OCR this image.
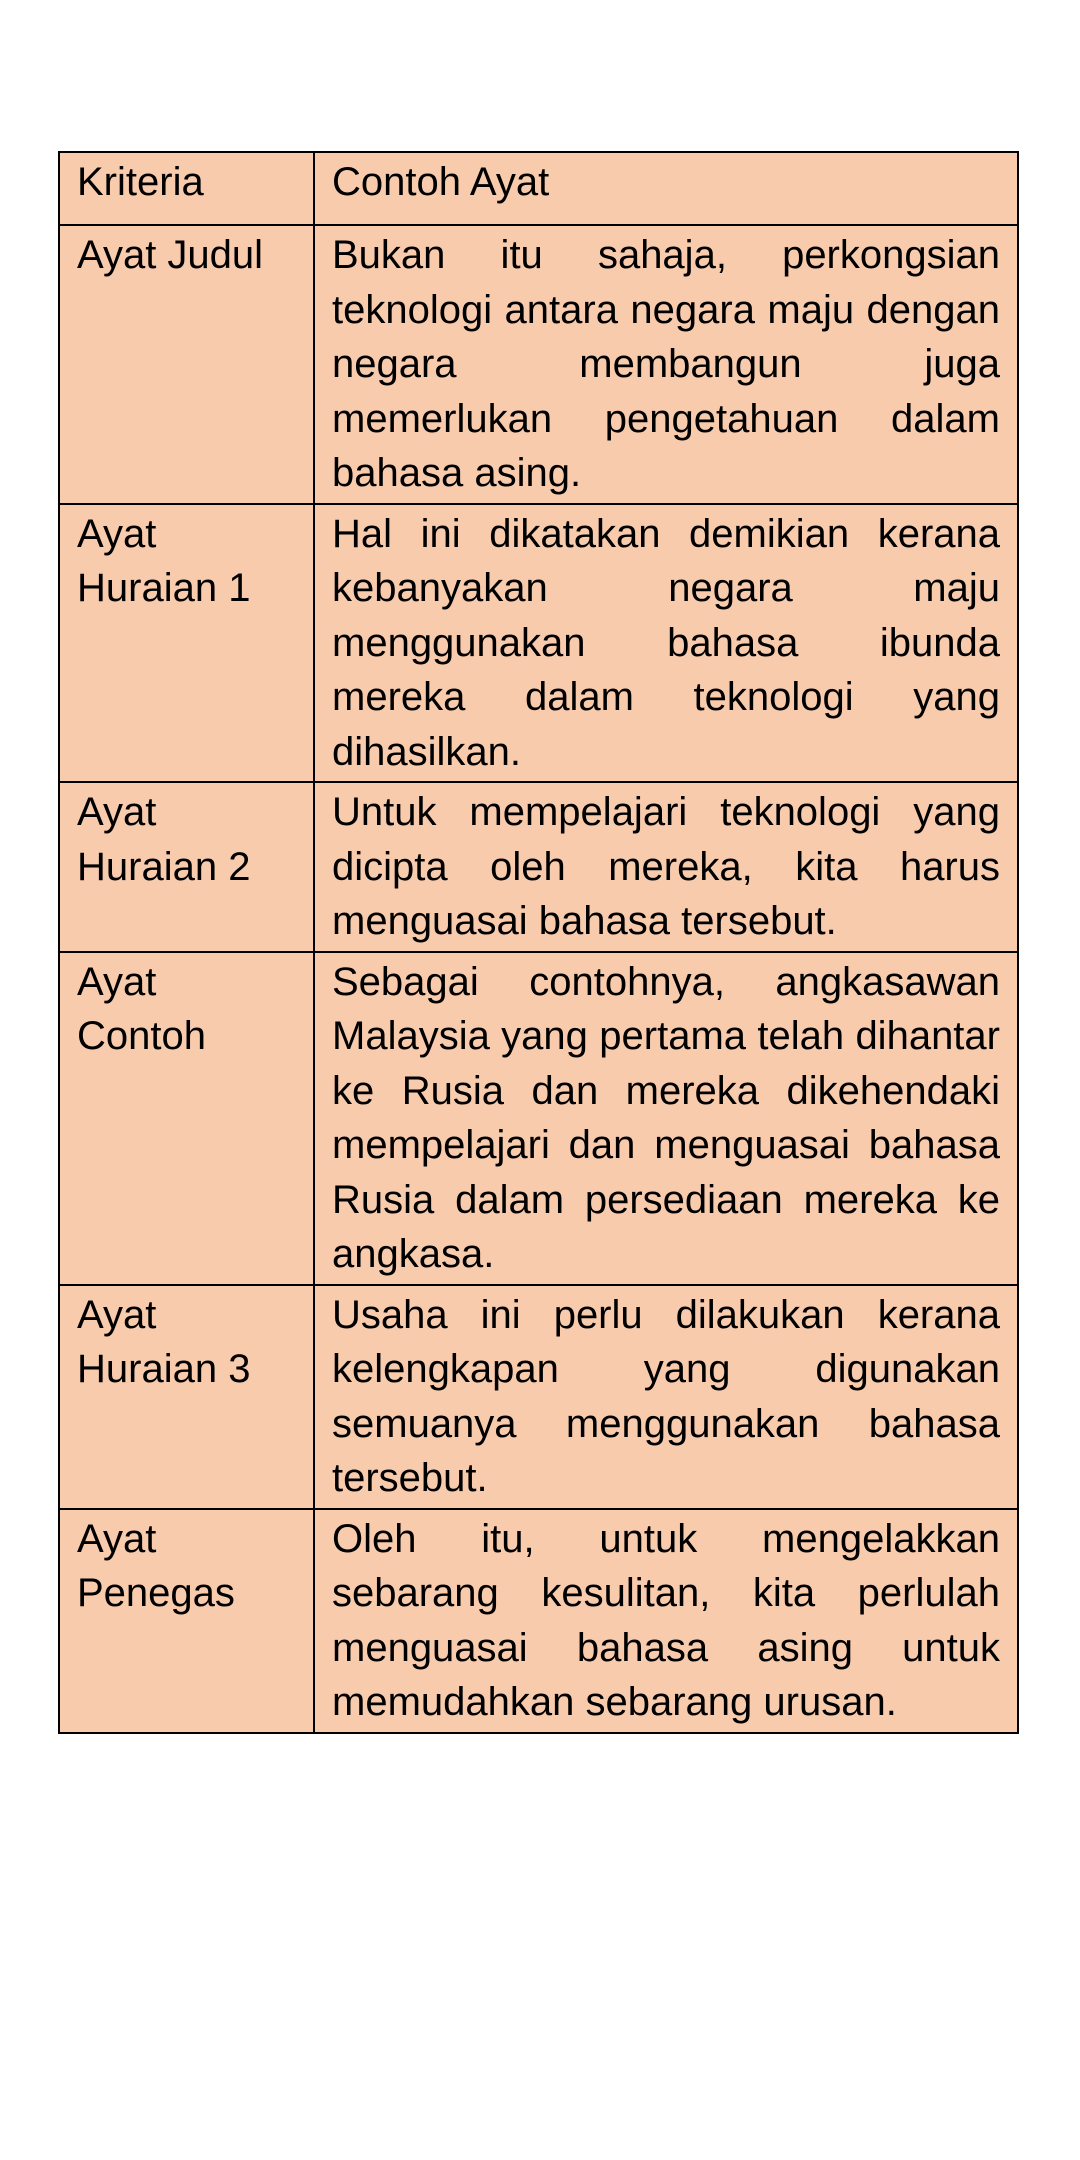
Kriteria	Contoh Ayat
Ayat Judul	Bukan itu sahaja, perkongsian teknologi antara negara maju dengan negara membangun juga memerlukan pengetahuan dalam bahasa asing.
Ayat Huraian 1	Hal ini dikatakan demikian kerana kebanyakan negara maju menggunakan bahasa ibunda mereka dalam teknologi yang dihasilkan.
Ayat Huraian 2	Untuk mempelajari teknologi yang dicipta oleh mereka, kita harus menguasai bahasa tersebut.
Ayat Contoh	Sebagai contohnya, angkasawan Malaysia yang pertama telah dihantar ke Rusia dan mereka dikehendaki mempelajari dan menguasai bahasa Rusia dalam persediaan mereka ke angkasa.
Ayat Huraian 3	Usaha ini perlu dilakukan kerana kelengkapan yang digunakan semuanya menggunakan bahasa tersebut.
Ayat Penegas	Oleh itu, untuk mengelakkan sebarang kesulitan, kita perlulah menguasai bahasa asing untuk memudahkan sebarang urusan.
